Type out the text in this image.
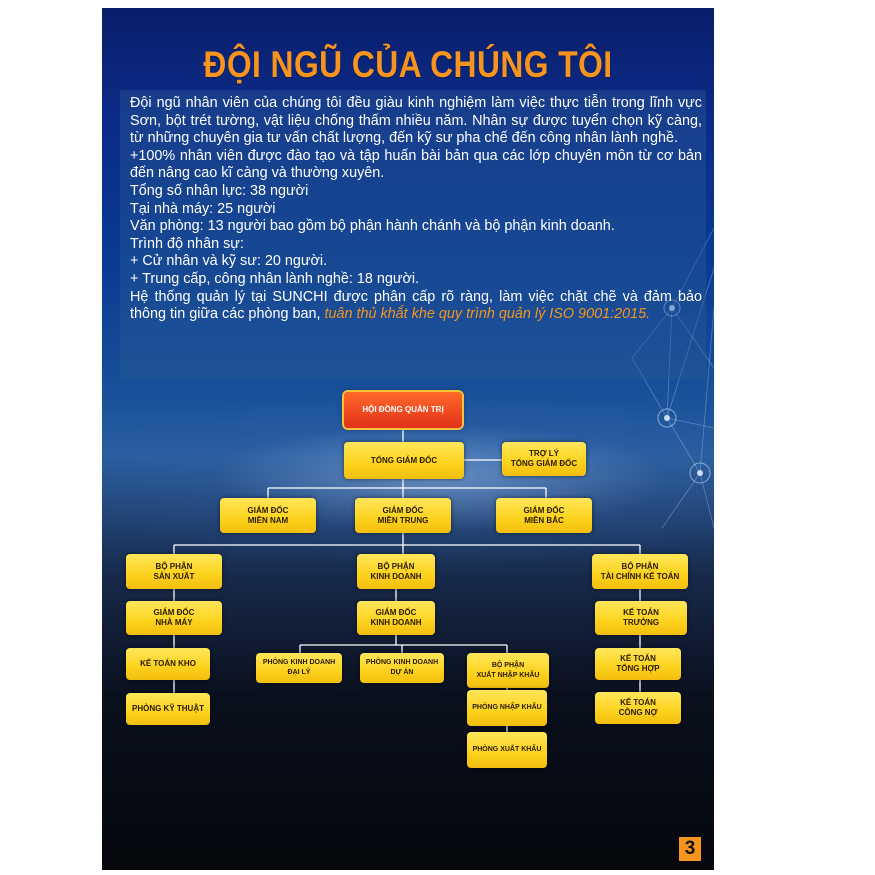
ĐỘI NGŨ CỦA CHÚNG TÔI

Đội ngũ nhân viên của chúng tôi đều giàu kinh nghiệm làm việc thực tiễn trong lĩnh vực Sơn, bột trét tường, vật liệu chống thấm nhiều năm. Nhân sự được tuyển chọn kỹ càng, từ những chuyên gia tư vấn chất lượng, đến kỹ sư pha chế đến công nhân lành nghề.

+100% nhân viên được đào tạo và tập huấn bài bản qua các lớp chuyên môn từ cơ bản đến nâng cao kĩ càng và thường xuyên.

Tổng số nhân lực: 38 người

Tại nhà máy: 25 người

Văn phòng: 13 người bao gồm bộ phận hành chánh và bộ phận kinh doanh.

Trình độ nhân sự:

+ Cử nhân và kỹ sư: 20 người.

+ Trung cấp, công nhân lành nghề: 18 người.

Hệ thống quản lý tại SUNCHI được phân cấp rõ ràng, làm việc chặt chẽ và đảm bảo thông tin giữa các phòng ban, tuân thủ khắt khe quy trình quản lý ISO 9001:2015.

HỘI ĐỒNG QUẢN TRỊ
TỔNG GIÁM ĐỐC
TRỢ LÝ
TỔNG GIÁM ĐỐC
GIÁM ĐỐC
MIỀN NAM
GIÁM ĐỐC
MIỀN TRUNG
GIÁM ĐỐC
MIỀN BẮC
BỘ PHẬN
SẢN XUẤT
BỘ PHẬN
KINH DOANH
BỘ PHẬN
TÀI CHÍNH KẾ TOÁN
GIÁM ĐỐC
NHÀ MÁY
GIÁM ĐỐC
KINH DOANH
KẾ TOÁN
TRƯỞNG
KẾ TOÁN KHO
PHÒNG KỸ THUẬT
PHÒNG KINH DOANH
ĐẠI LÝ
PHÒNG KINH DOANH
DỰ ÁN
BỘ PHẬN
XUẤT NHẬP KHẨU
PHÒNG NHẬP KHẨU
PHÒNG XUẤT KHẨU
KẾ TOÁN
TỔNG HỢP
KẾ TOÁN
CÔNG NỢ
3
